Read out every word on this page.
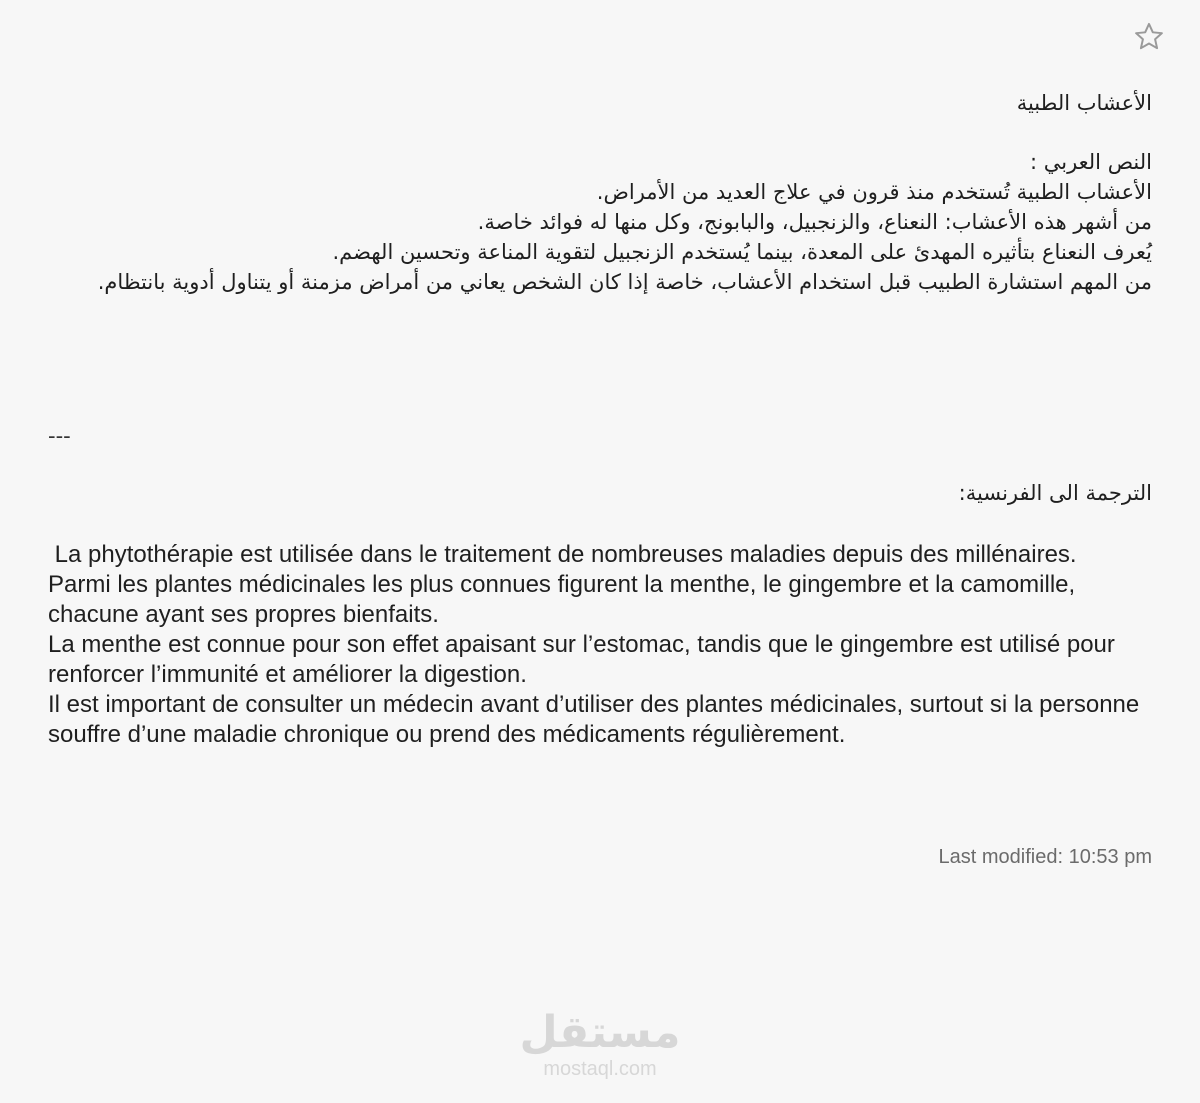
الأعشاب الطبية
النص العربي :
الأعشاب الطبية تُستخدم منذ قرون في علاج العديد من الأمراض.
من أشهر هذه الأعشاب: النعناع، والزنجبيل، والبابونج، وكل منها له فوائد خاصة.
يُعرف النعناع بتأثيره المهدئ على المعدة، بينما يُستخدم الزنجبيل لتقوية المناعة وتحسين الهضم.
من المهم استشارة الطبيب قبل استخدام الأعشاب، خاصة إذا كان الشخص يعاني من أمراض مزمنة أو يتناول أدوية بانتظام.
---
الترجمة الى الفرنسية:

La phytothérapie est utilisée dans le traitement de nombreuses maladies depuis des millénaires.

Parmi les plantes médicinales les plus connues figurent la menthe, le gingembre et la camomille, chacune ayant ses propres bienfaits.

La menthe est connue pour son effet apaisant sur l’estomac, tandis que le gingembre est utilisé pour renforcer l’immunité et améliorer la digestion.

Il est important de consulter un médecin avant d’utiliser des plantes médicinales, surtout si la personne souffre d’une maladie chronique ou prend des médicaments régulièrement.

Last modified: 10:53 pm
مستقل
mostaql.com
